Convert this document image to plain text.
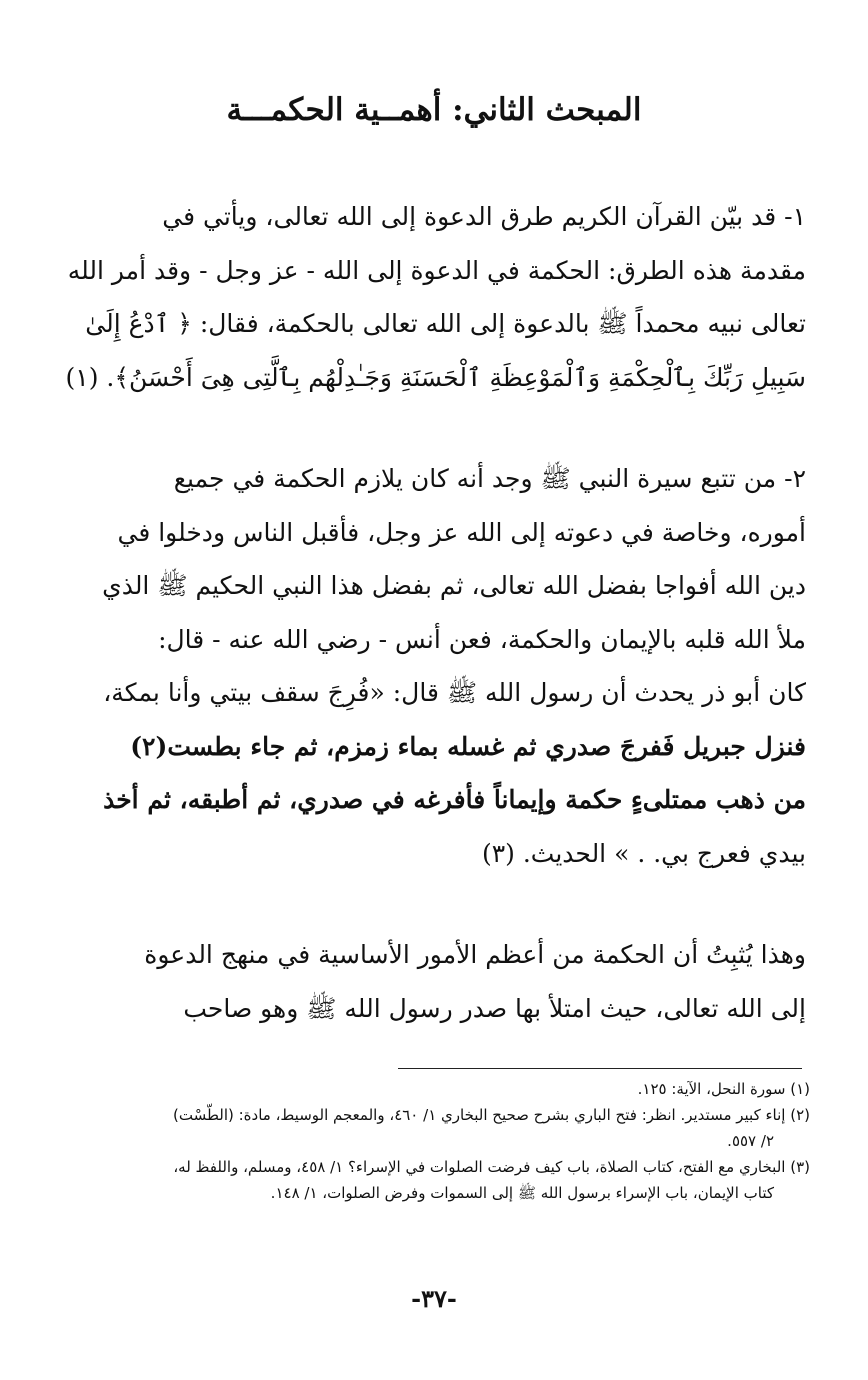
المبحث الثاني: أهمــية الحكمـــة
١- قد بيّن القرآن الكريم طرق الدعوة إلى الله تعالى، ويأتي في
مقدمة هذه الطرق: الحكمة في الدعوة إلى الله - عز وجل - وقد أمر الله
تعالى نبيه محمداً ﷺ بالدعوة إلى الله تعالى بالحكمة، فقال: ﴿ ٱدْعُ إِلَىٰ
سَبِيلِ رَبِّكَ بِٱلْحِكْمَةِ وَٱلْمَوْعِظَةِ ٱلْحَسَنَةِ وَجَـٰدِلْهُم بِٱلَّتِى هِىَ أَحْسَنُ﴾. (١)
٢- من تتبع سيرة النبي ﷺ وجد أنه كان يلازم الحكمة في جميع
أموره، وخاصة في دعوته إلى الله عز وجل، فأقبل الناس ودخلوا في
دين الله أفواجا بفضل الله تعالى، ثم بفضل هذا النبي الحكيم ﷺ الذي
ملأ الله قلبه بالإيمان والحكمة، فعن أنس - رضي الله عنه - قال:
كان أبو ذر يحدث أن رسول الله ﷺ قال: «فُرِجَ سقف بيتي وأنا بمكة،
فنزل جبريل فَفرجَ صدري ثم غسله بماء زمزم، ثم جاء بطست(٢)
من ذهب ممتلىءٍ حكمة وإيماناً فأفرغه في صدري، ثم أطبقه، ثم أخذ
بيدي فعرج بي. . » الحديث. (٣)
وهذا يُثبِتُ أن الحكمة من أعظم الأمور الأساسية في منهج الدعوة
إلى الله تعالى، حيث امتلأ بها صدر رسول الله ﷺ وهو صاحب
(١) سورة النحل، الآية: ١٢٥.
(٢) إناء كبير مستدير. انظر: فتح الباري بشرح صحيح البخاري ١/ ٤٦٠، والمعجم الوسيط، مادة: (الطّسْت)
٢/ ٥٥٧.
(٣) البخاري مع الفتح، كتاب الصلاة، باب كيف فرضت الصلوات في الإسراء؟ ١/ ٤٥٨، ومسلم، واللفظ له،
كتاب الإيمان، باب الإسراء برسول الله ﷺ إلى السموات وفرض الصلوات، ١/ ١٤٨.
-٣٧-
